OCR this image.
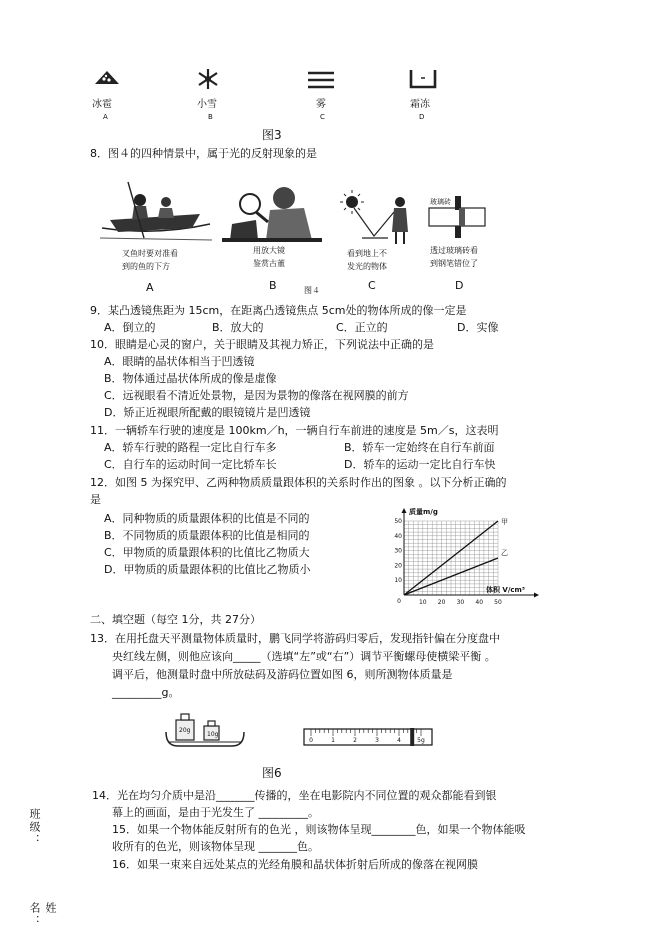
冰雹
A
小雪
B
雾
C
霜冻
D
图3
8．图４的四种情景中，属于光的反射现象的是
叉鱼时要对准看
到的鱼的下方
A
用放大镜
鉴赏古董
B
看到地上不
发光的物体
C
玻璃砖
透过玻璃砖看
到钢笔错位了
D
图４
9．某凸透镜焦距为 15cm，在距离凸透镜焦点 5cm处的物体所成的像一定是
A．倒立的	B．放大的	C．正立的	D．实像
10．眼睛是心灵的窗户，关于眼睛及其视力矫正，下列说法中正确的是
A．眼睛的晶状体相当于凹透镜
B．物体通过晶状体所成的像是虚像
C．远视眼看不清近处景物，是因为景物的像落在视网膜的前方
D．矫正近视眼所配戴的眼镜镜片是凹透镜
11．一辆轿车行驶的速度是 100km／h，一辆自行车前进的速度是 5m／s，这表明
A．轿车行驶的路程一定比自行车多	B．轿车一定始终在自行车前面
C．自行车的运动时间一定比轿车长	D．轿车的运动一定比自行车快
12．如图 5 为探究甲、乙两种物质质量跟体积的关系时作出的图象 。以下分析正确的
是
A．同种物质的质量跟体积的比值是不同的
B．不同物质的质量跟体积的比值是相同的
C．甲物质的质量跟体积的比值比乙物质大
D．甲物质的质量跟体积的比值比乙物质小
10 20 30 40 50
10
20
30
40
50
0
甲
乙
质量m/g
体积 V/cm³
二、填空题（每空 1分，共 27分）
13．在用托盘天平测量物体质量时，鹏飞同学将游码归零后，发现指针偏在分度盘中
央红线左侧，则他应该向_____（选填“左”或“右”）调节平衡螺母使横梁平衡 。
调平后，他测量时盘中所放砝码及游码位置如图 6，则所测物体质量是
_________g。
20g
10g
0	1	2	3	4	5g
图6
14．光在均匀介质中是沿_______传播的，坐在电影院内不同位置的观众都能看到银
幕上的画面，是由于光发生了 _________。
15．如果一个物体能反射所有的色光 ，则该物体呈现________色，如果一个物体能吸
收所有的色光，则该物体呈现 _______色。
16．如果一束来自远处某点的光经角膜和晶状体折射后所成的像落在视网膜
班级：
姓名：
